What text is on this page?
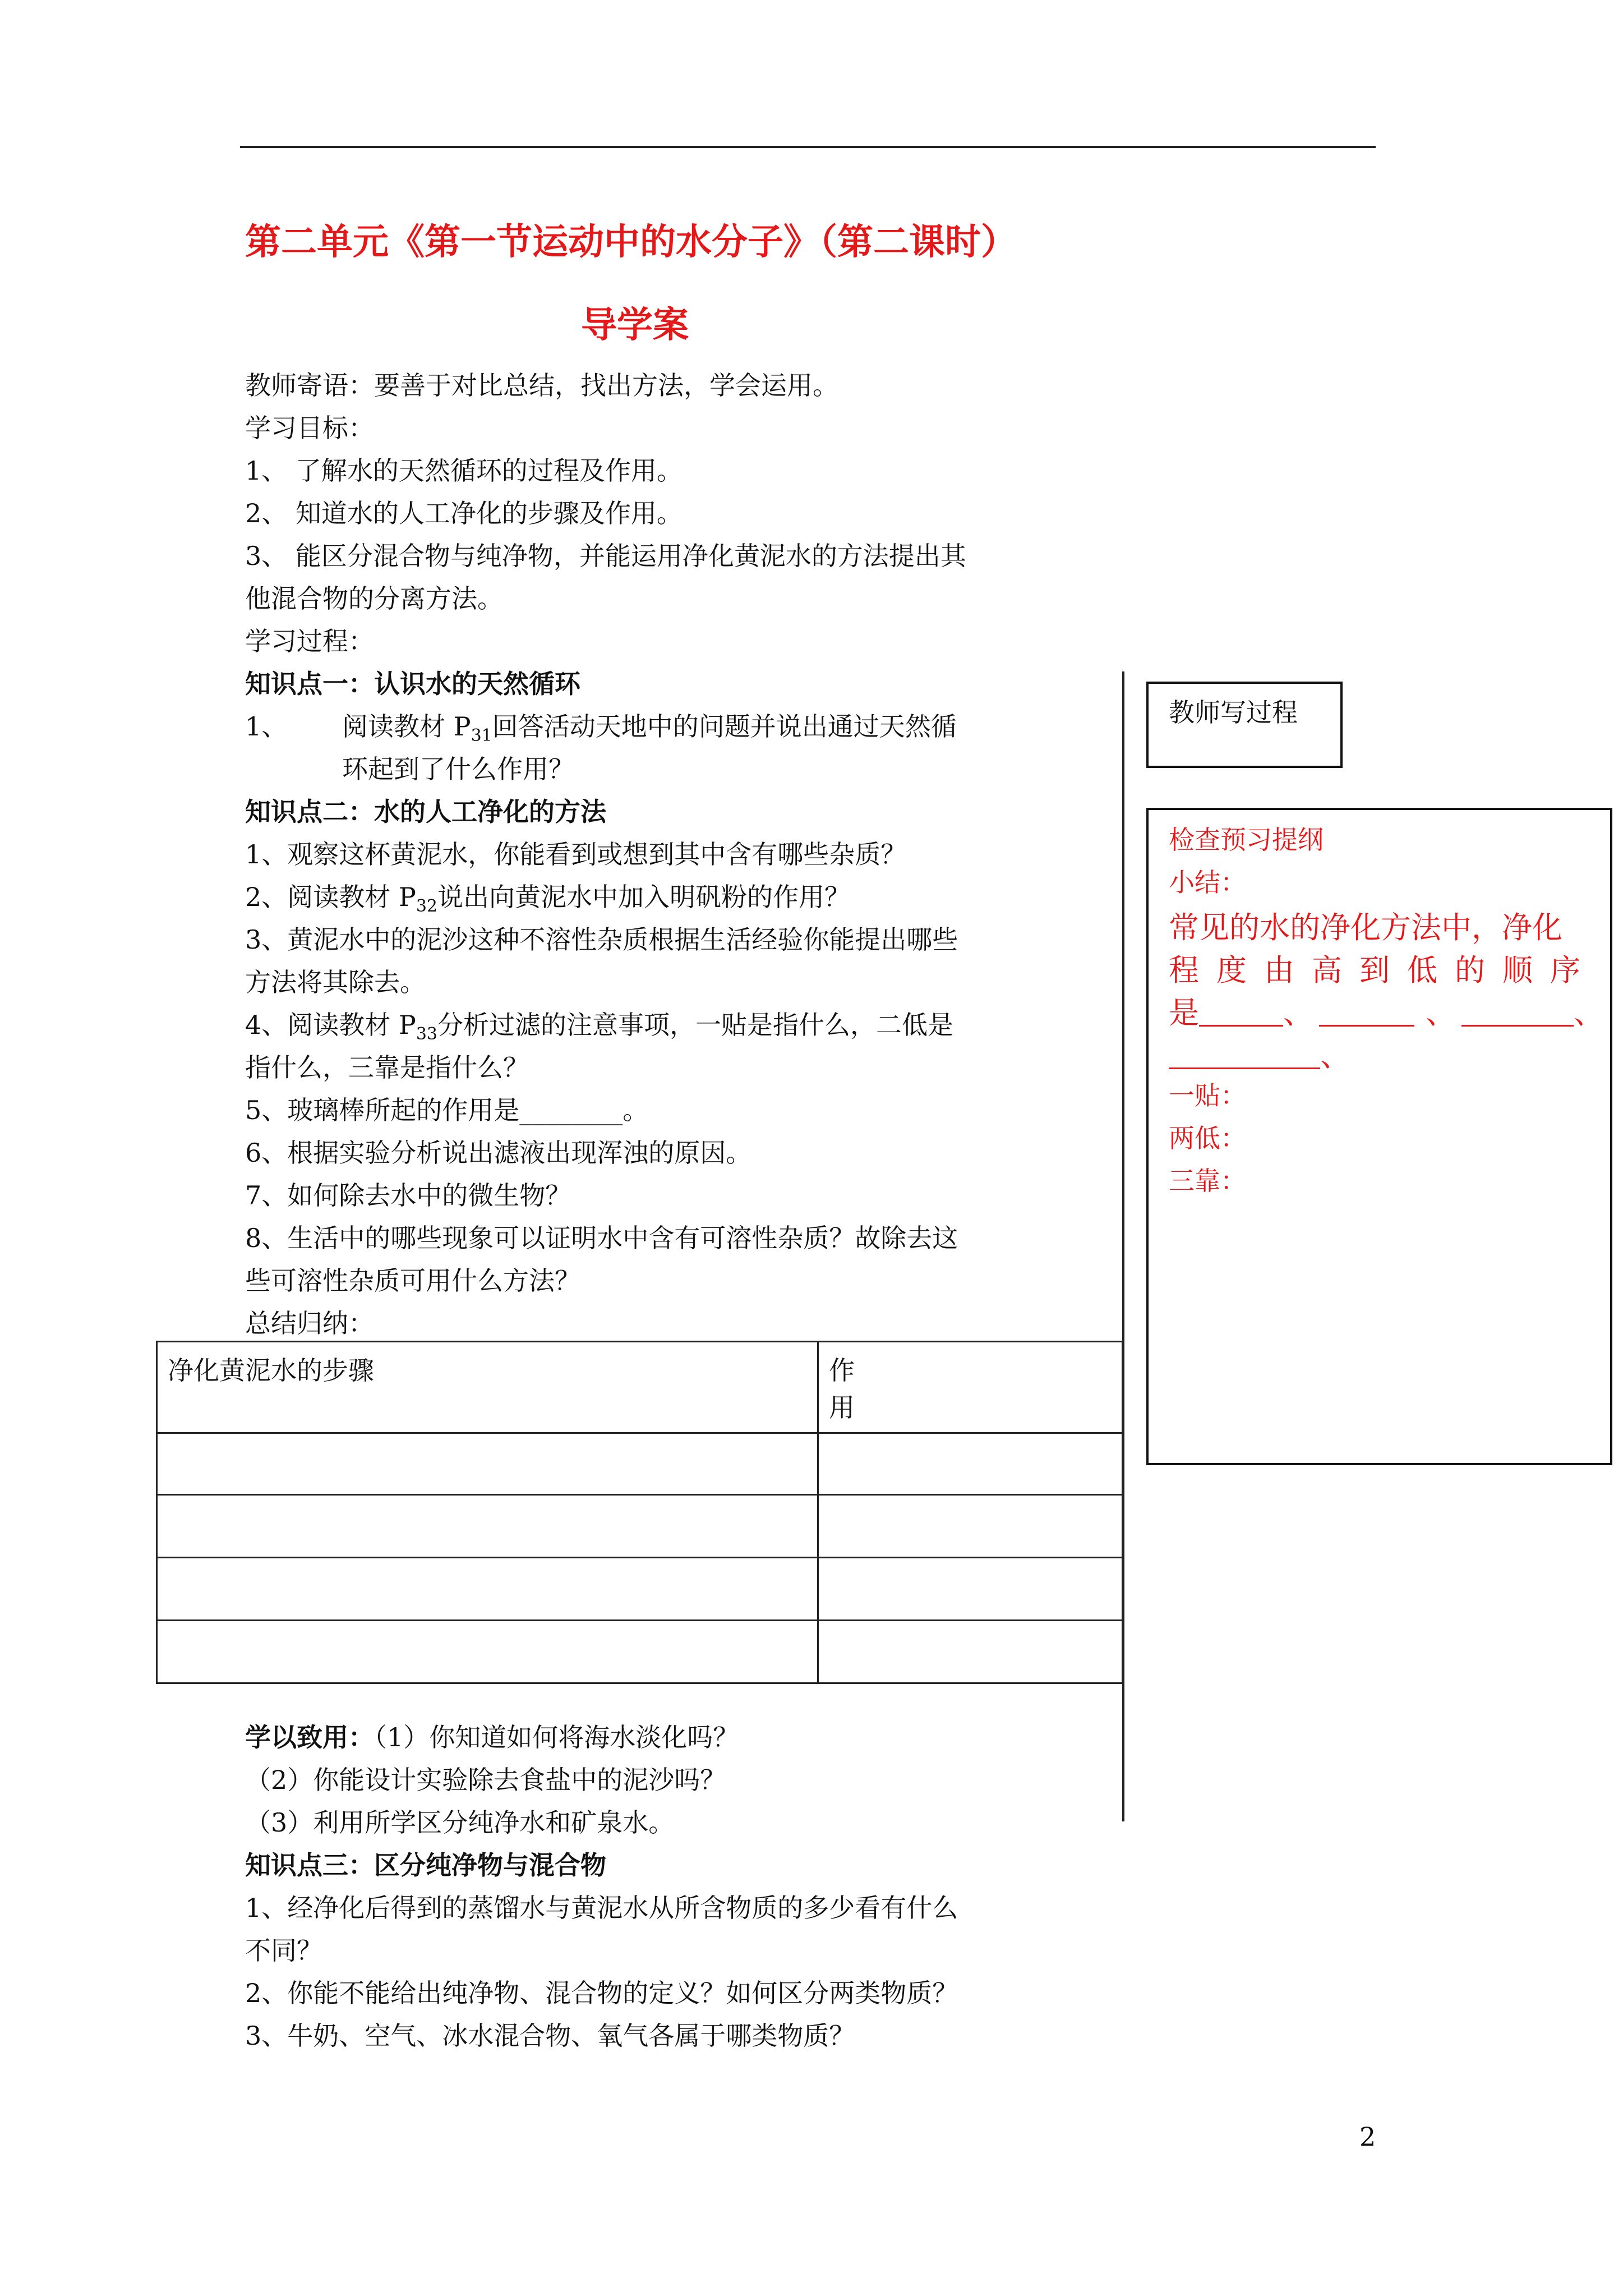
第二单元《第一节运动中的水分子》（第二课时）
导学案
教师寄语：要善于对比总结，找出方法，学会运用。
学习目标：
1、 了解水的天然循环的过程及作用。
2、 知道水的人工净化的步骤及作用。
3、 能区分混合物与纯净物，并能运用净化黄泥水的方法提出其
他混合物的分离方法。
学习过程：
知识点一：认识水的天然循环
1、 阅读教材 $P_{31}$回答活动天地中的问题并说出通过天然循
环起到了什么作用？
知识点二：水的人工净化的方法
1、观察这杯黄泥水，你能看到或想到其中含有哪些杂质？
2、阅读教材 $P_{32}$说出向黄泥水中加入明矾粉的作用？
3、黄泥水中的泥沙这种不溶性杂质根据生活经验你能提出哪些
方法将其除去。
4、阅读教材 $P_{33}$分析过滤的注意事项，一贴是指什么，二低是
指什么，三靠是指什么？
5、玻璃棒所起的作用是________。
6、根据实验分析说出滤液出现浑浊的原因。
7、如何除去水中的微生物？
8、生活中的哪些现象可以证明水中含有可溶性杂质？故除去这
些可溶性杂质可用什么方法？
总结归纳：
净化黄泥水的步骤	作
用

学以致用：（1）你知道如何将海水淡化吗？
（2）你能设计实验除去食盐中的泥沙吗？
（3）利用所学区分纯净水和矿泉水。
知识点三：区分纯净物与混合物
1、经净化后得到的蒸馏水与黄泥水从所含物质的多少看有什么
不同？
2、你能不能给出纯净物、混合物的定义？如何区分两类物质？
3、牛奶、空气、冰水混合物、氧气各属于哪类物质？
教师写过程
检查预习提纲
小结：
常见的水的净化方法中，净化
程度由高到低的顺序
是	、	、	、
、
一贴：
两低：
三靠：
2
